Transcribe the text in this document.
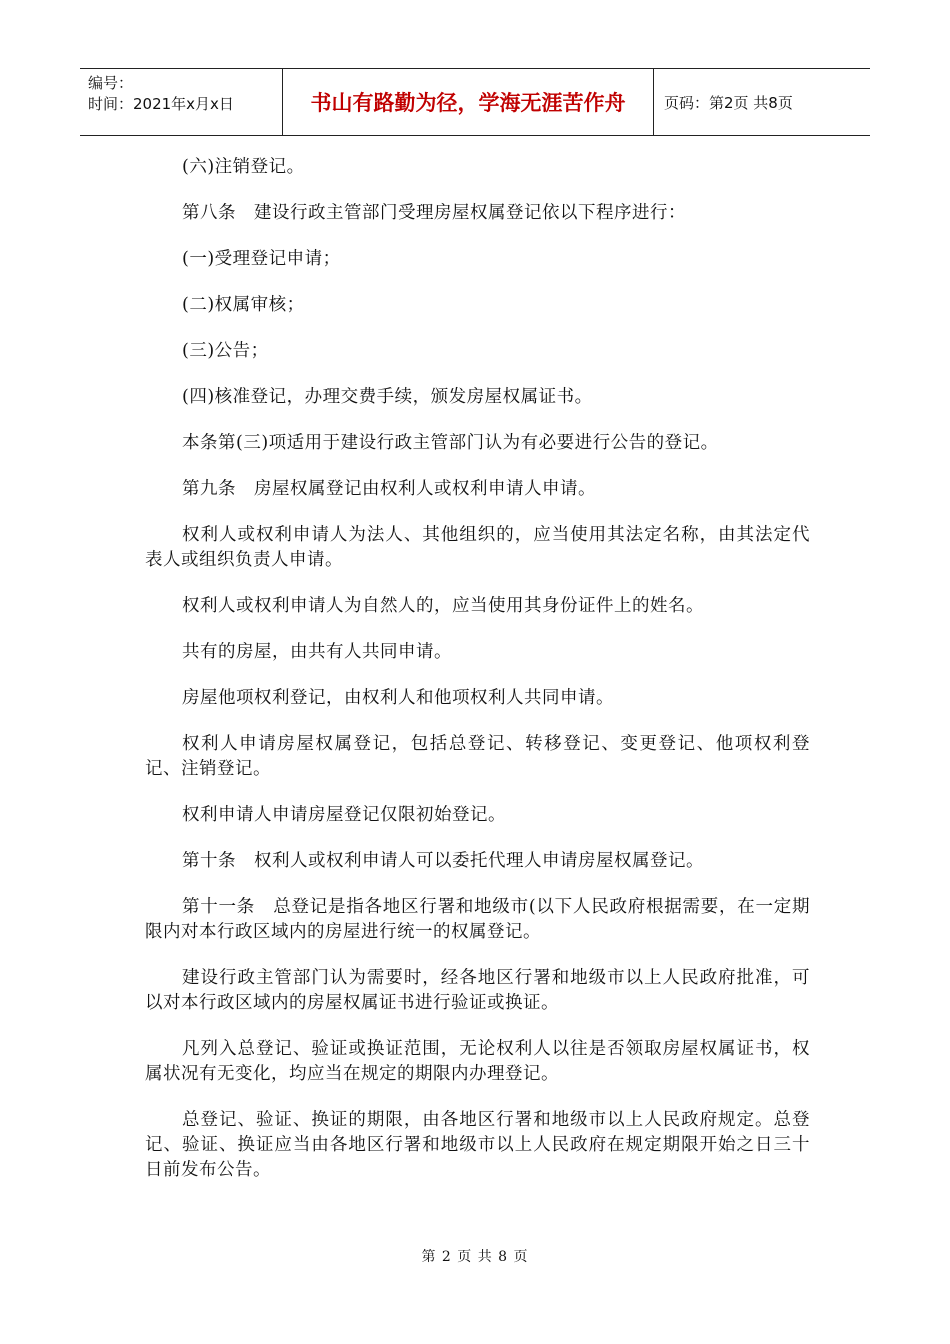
编号：
时间：2021年x月x日	书山有路勤为径，学海无涯苦作舟	页码：第2页 共8页

(六)注销登记。

第八条　建设行政主管部门受理房屋权属登记依以下程序进行：

(一)受理登记申请；

(二)权属审核；

(三)公告；

(四)核准登记，办理交费手续，颁发房屋权属证书。

本条第(三)项适用于建设行政主管部门认为有必要进行公告的登记。

第九条　房屋权属登记由权利人或权利申请人申请。

权利人或权利申请人为法人、其他组织的，应当使用其法定名称，由其法定代表人或组织负责人申请。

权利人或权利申请人为自然人的，应当使用其身份证件上的姓名。

共有的房屋，由共有人共同申请。

房屋他项权利登记，由权利人和他项权利人共同申请。

权利人申请房屋权属登记，包括总登记、转移登记、变更登记、他项权利登记、注销登记。

权利申请人申请房屋登记仅限初始登记。

第十条　权利人或权利申请人可以委托代理人申请房屋权属登记。

第十一条　总登记是指各地区行署和地级市(以下人民政府根据需要，在一定期限内对本行政区域内的房屋进行统一的权属登记。

建设行政主管部门认为需要时，经各地区行署和地级市以上人民政府批准，可以对本行政区域内的房屋权属证书进行验证或换证。

凡列入总登记、验证或换证范围，无论权利人以往是否领取房屋权属证书，权属状况有无变化，均应当在规定的期限内办理登记。

总登记、验证、换证的期限，由各地区行署和地级市以上人民政府规定。总登记、验证、换证应当由各地区行署和地级市以上人民政府在规定期限开始之日三十日前发布公告。

第 2 页 共 8 页
